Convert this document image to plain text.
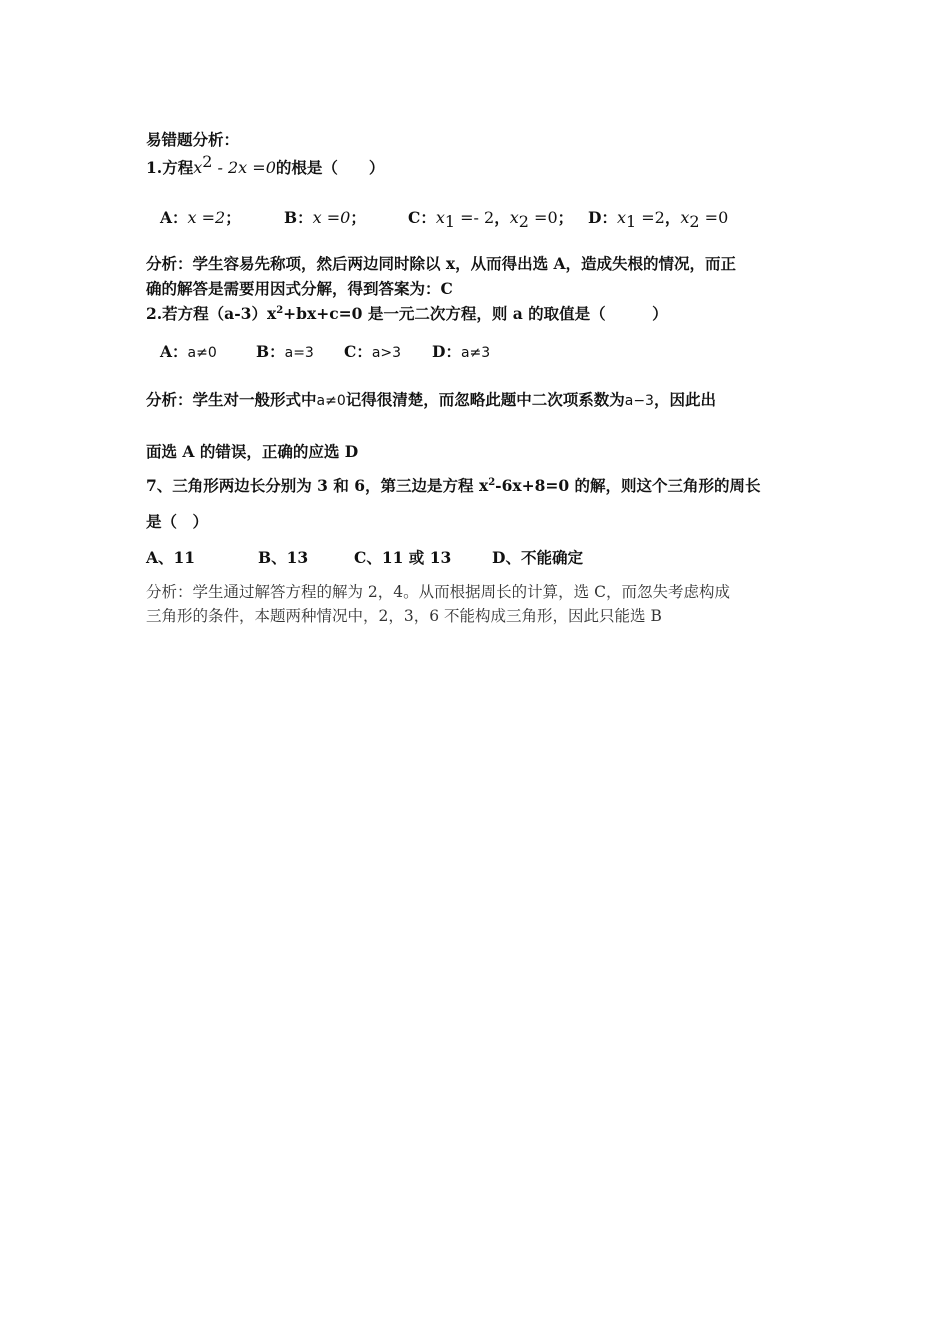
易错题分析：
1.方程$x^2 - 2x =0$的根是（　　）
A：x =2；	B：x =0；	C：$x_1 =- 2$，$x_2 =0$； D：$x_1 =2$，$x_2 =0$
分析：学生容易先称项，然后两边同时除以 x，从而得出选 A，造成失根的情况，而正
确的解答是需要用因式分解，得到答案为：C
2.若方程$(a-3)x^2+bx+c=0$ 是一元二次方程，则 a 的取值是（　　　）
A：a≠0	B：a=3 C：a>3 D：a≠3
分析：学生对一般形式中a≠0记得很清楚，而忽略此题中二次项系数为a−3，因此出
面选 A 的错误，正确的应选 D
7、三角形两边长分别为 3 和 6，第三边是方程 $x^2-6x+8=0$ 的解，则这个三角形的周长
是（　）
A、11	B、13	C、11 或 13	D、不能确定
分析：学生通过解答方程的解为 2，4。从而根据周长的计算，选 C，而忽失考虑构成
三角形的条件，本题两种情况中，2，3，6 不能构成三角形，因此只能选 B
